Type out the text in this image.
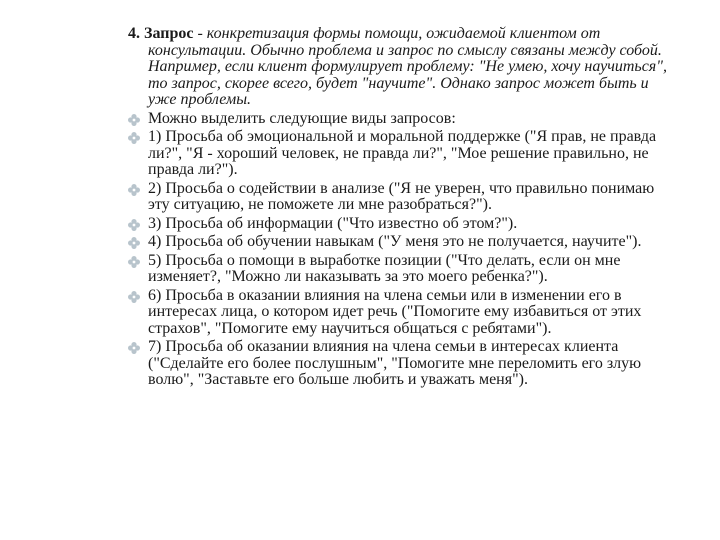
4. Запрос - конкретизация формы помощи, ожидаемой клиентом от консультации. Обычно проблема и запрос по смыслу связаны между собой. Например, если клиент формулирует проблему: "Не умею, хочу научиться", то запрос, скорее всего, будет "научите". Однако запрос может быть и уже проблемы.

Можно выделить следующие виды запросов:
1) Просьба об эмоциональной и моральной поддержке ("Я прав, не правда ли?", "Я - хороший человек, не правда ли?", "Мое решение правильно, не правда ли?").
2) Просьба о содействии в анализе ("Я не уверен, что правильно понимаю эту ситуацию, не поможете ли мне разобраться?").
3) Просьба об информации ("Что известно об этом?").
4) Просьба об обучении навыкам ("У меня это не получается, научите").
5) Просьба о помощи в выработке позиции ("Что делать, если он мне изменяет?, "Можно ли наказывать за это моего ребенка?").
6) Просьба в оказании влияния на члена семьи или в изменении его в интересах лица, о котором идет речь ("Помогите ему избавиться от этих страхов", "Помогите ему научиться общаться с ребятами").
7) Просьба об оказании влияния на члена семьи в интересах клиента ("Сделайте его более послушным", "Помогите мне переломить его злую волю", "Заставьте его больше любить и уважать меня").
